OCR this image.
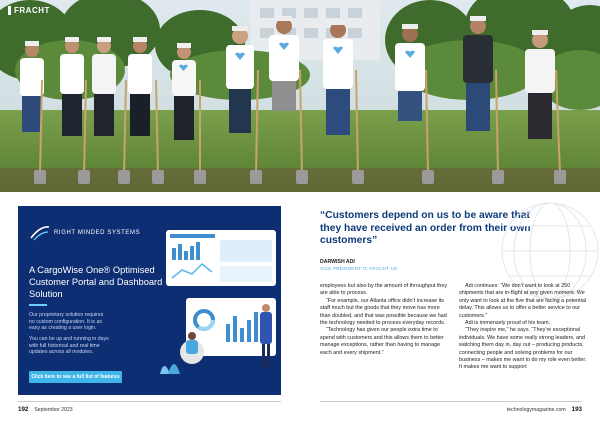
FRACHT
RIGHT MINDED SYSTEMS
A CargoWise One® Optimised Customer Portal and Dashboard Solution
Our proprietary solution requires no custom configuration. It is as easy as creating a user login.
You can be up and running in days with full historical and real time updates across all modules.
Click here to see a full list of features
“Customers depend on us to be aware that they have received an order from their own customers”
DARWISH ADI
VICE PRESIDENT IT, FRACHT US

employees but also by the amount of throughput they are able to process.

“For example, our Atlanta office didn’t increase its staff much but the goods that they move has more than doubled, and that was possible because we had the technology needed to process everyday records.

“Technology has given our people extra time to spend with customers and this allows them to better manage exceptions, rather than having to manage each and every shipment.”

Adi continues: “We don’t want to look at 250 shipments that are in-flight at any given moment. We only want to look at the five that are facing a potential delay. This allows us to offer a better service to our customers.”

Adi is immensely proud of his team.

“They inspire me,” he says. “They’re exceptional individuals. We have some really strong leaders, and watching them day in, day out – producing products, connecting people and solving problems for our business – makes me want to do my role even better. It makes me want to support

192 September 2023	technologymagazine.com 193
